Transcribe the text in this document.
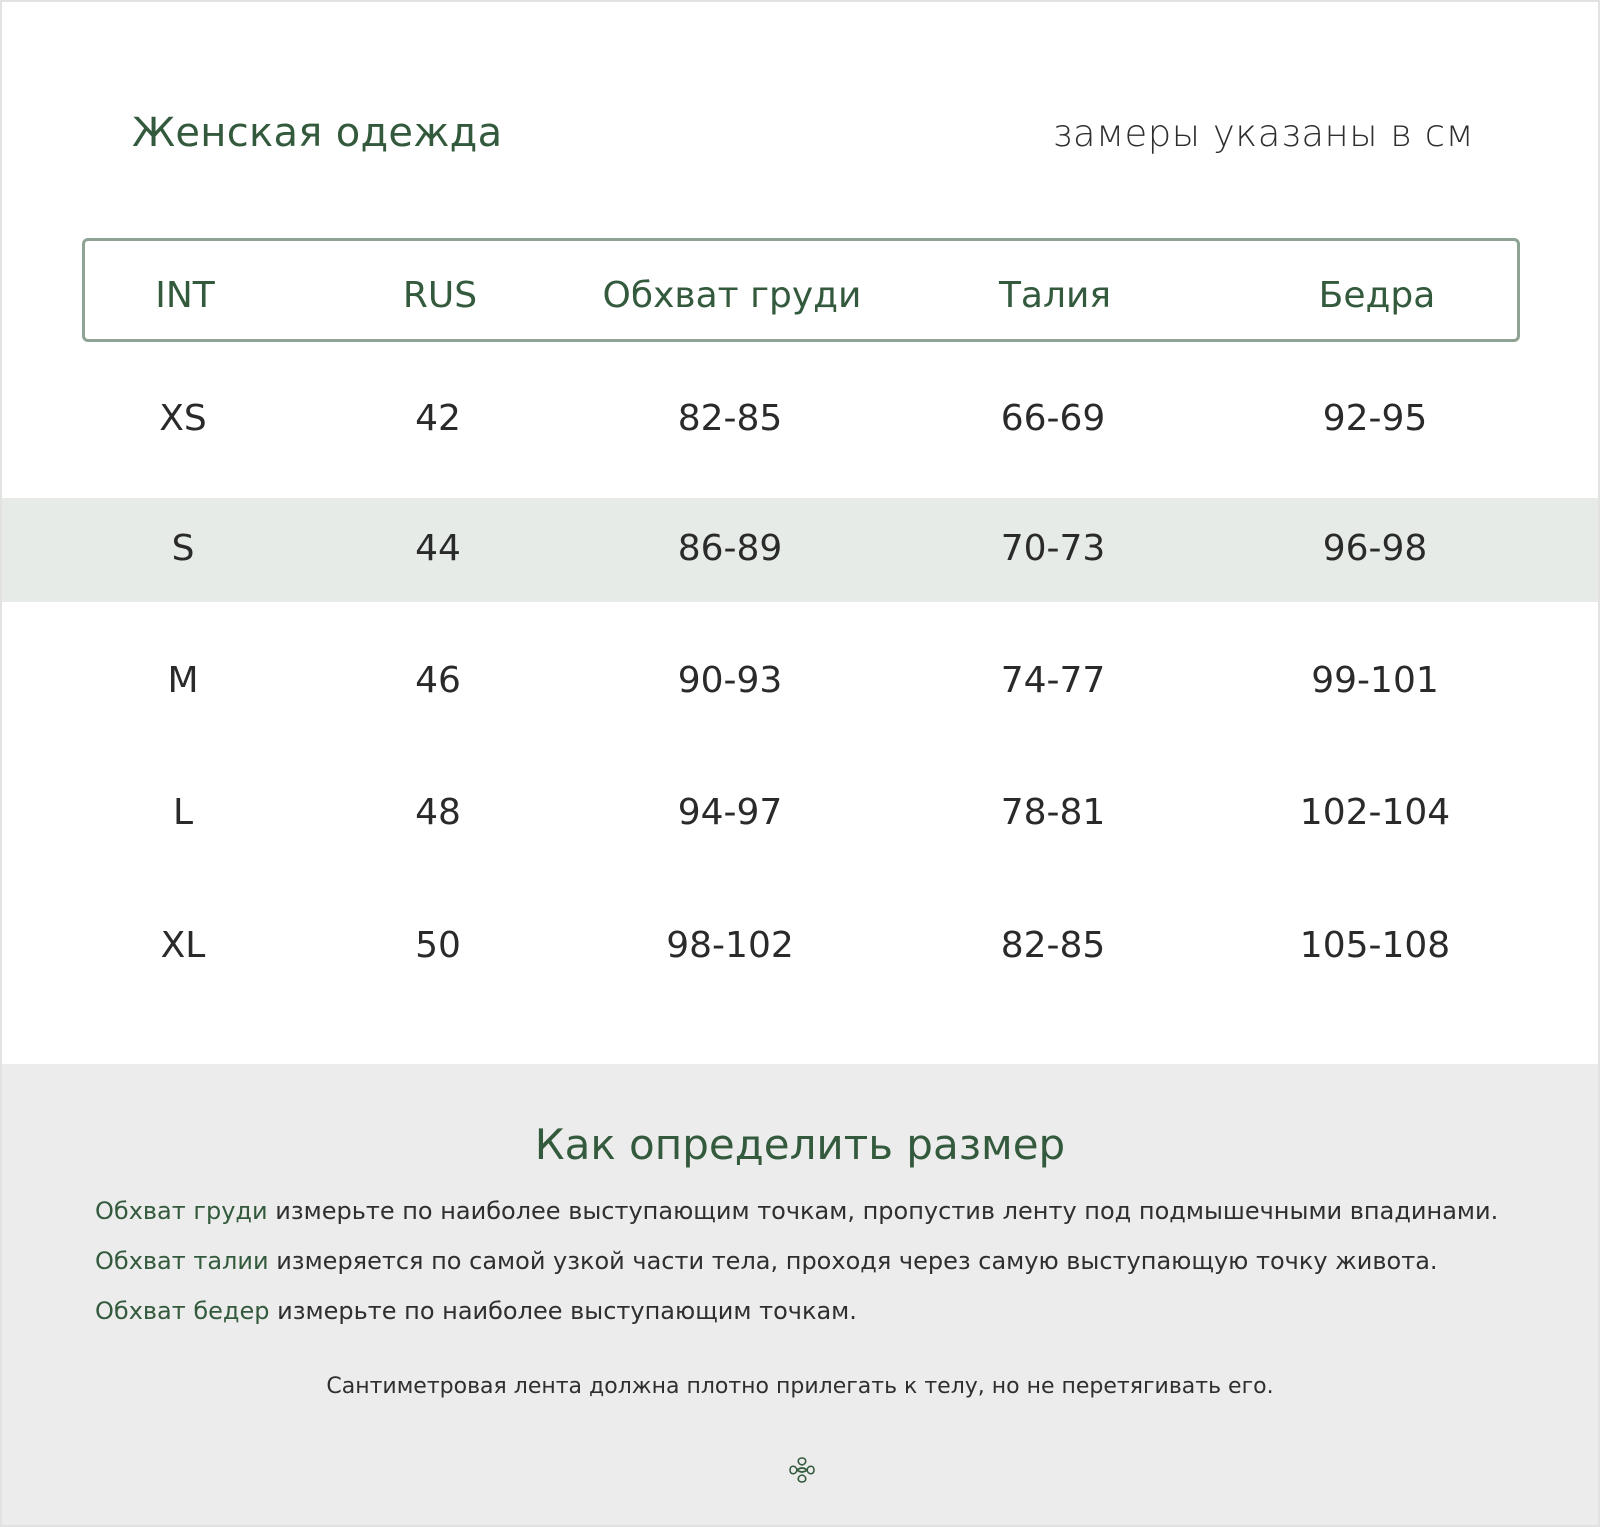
Женская одежда	замеры указаны в см
INT	RUS	Обхват груди	Талия	Бедра
XS	42	82-85	66-69	92-95
S	44	86-89	70-73	96-98
M	46	90-93	74-77	99-101
L	48	94-97	78-81	102-104
XL	50	98-102	82-85	105-108
Как определить размер
Обхват груди измерьте по наиболее выступающим точкам, пропустив ленту под подмышечными впадинами.
Обхват талии измеряется по самой узкой части тела, проходя через самую выступающую точку живота.
Обхват бедер измерьте по наиболее выступающим точкам.
Сантиметровая лента должна плотно прилегать к телу, но не перетягивать его.
